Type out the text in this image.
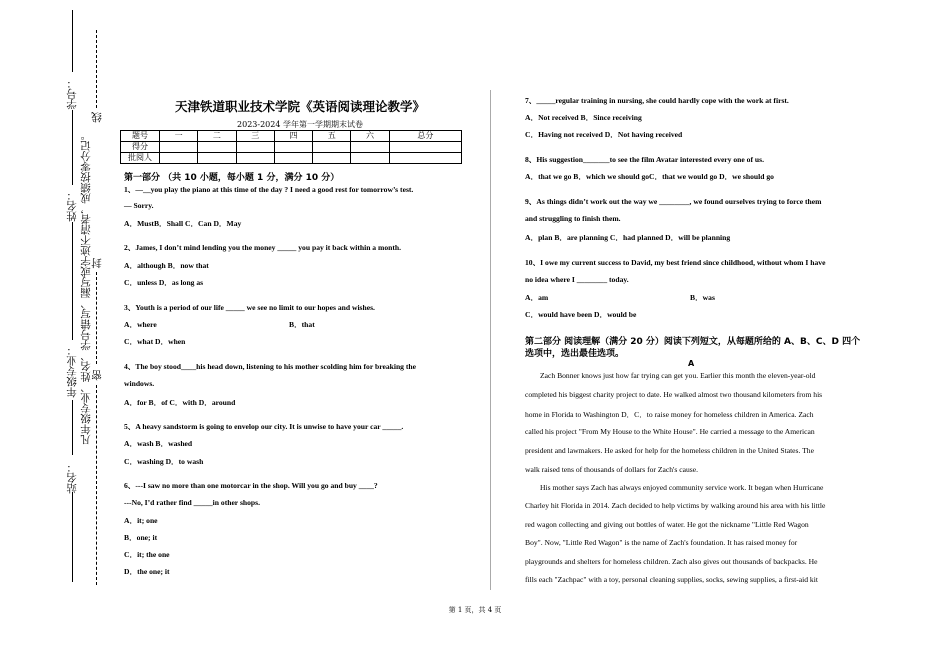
学号：
姓名：
年级专业：
站名：
线
凡年级专业、姓名、学号错写、漏写或字迹不清者，成绩按零分记。 封
密
天津铁道职业技术学院《英语阅读理论教学》
2023-2024 学年第一学期期末试卷
题号	一	二	三	四	五	六	总分
得分							
批阅人							
第一部分 （共 10 小题，每小题 1 分，满分 10 分）
1、—__you play the piano at this time of the day ? I need a good rest for tomorrow’s test.
— Sorry.
A．MustB．Shall C．Can D．May
2、James, I don’t mind lending you the money _____ you pay it back within a month.
A．although B．now that
C．unless D．as long as
3、Youth is a period of our life _____ we see no limit to our hopes and wishes.
A．where	B．that
C．what D．when
4、The boy stood____his head down, listening to his mother scolding him for breaking the
windows.
A．for B．of C．with D．around
5、A heavy sandstorm is going to envelop our city. It is unwise to have your car _____.
A．wash B．washed
C．washing D．to wash
6、---I saw no more than one motorcar in the shop. Will you go and buy ____?
---No, I’d rather find _____in other shops.
A．it; one
B．one; it
C．it; the one
D．the one; it
7、_____regular training in nursing, she could hardly cope with the work at first.
A．Not received B．Since receiving
C．Having not received D．Not having received
8、His suggestion_______to see the film Avatar interested every one of us.
A．that we go B．which we should goC．that we would go D．we should go
9、As things didn’t work out the way we ________, we found ourselves trying to force them
and struggling to finish them.
A．plan B．are planning C．had planned D．will be planning
10、I owe my current success to David, my best friend since childhood, without whom I have
no idea where I ________ today.
A．am	B．was
C．would have been D．would be
第二部分 阅读理解（满分 20 分）阅读下列短文，从每题所给的 A、B、C、D 四个
选项中，选出最佳选项。
A
Zach Bonner knows just how far trying can get you. Earlier this month the eleven-year-old
completed his biggest charity project to date. He walked almost two thousand kilometers from his
home in Florida to Washington D．C．to raise money for homeless children in America. Zach
called his project "From My House to the White House". He carried a message to the American
president and lawmakers. He asked for help for the homeless children in the United States. The
walk raised tens of thousands of dollars for Zach's cause.
His mother says Zach has always enjoyed community service work. It began when Hurricane
Charley hit Florida in 2014. Zach decided to help victims by walking around his area with his little
red wagon collecting and giving out bottles of water. He got the nickname "Little Red Wagon
Boy". Now, "Little Red Wagon" is the name of Zach's foundation. It has raised money for
playgrounds and shelters for homeless children. Zach also gives out thousands of backpacks. He
fills each "Zachpac" with a toy, personal cleaning supplies, socks, sewing supplies, a first-aid kit
第 1 页，共 4 页
